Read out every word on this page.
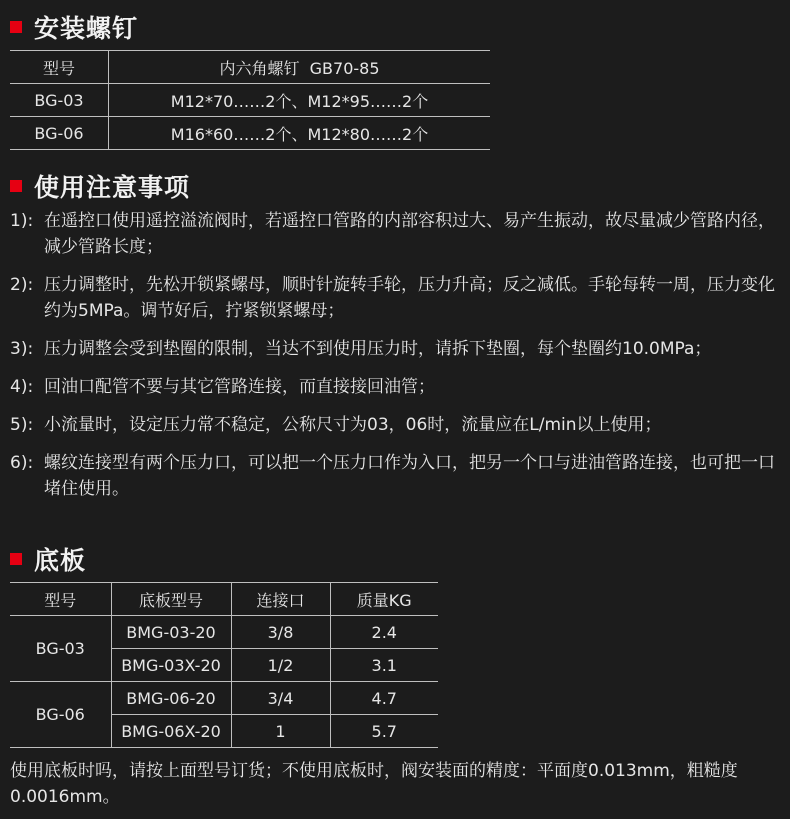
安装螺钉
型号	内六角螺钉  GB70-85
BG-03	M12*70……2个、M12*95……2个
BG-06	M16*60……2个、M12*80……2个
使用注意事项
1): 在遥控口使用遥控溢流阀时，若遥控口管路的内部容积过大、易产生振动，故尽量减少管路内径，减少管路长度；
2): 压力调整时，先松开锁紧螺母，顺时针旋转手轮，压力升高；反之减低。手轮每转一周，压力变化约为5MPa。调节好后，拧紧锁紧螺母；
3): 压力调整会受到垫圈的限制，当达不到使用压力时，请拆下垫圈，每个垫圈约10.0MPa；
4): 回油口配管不要与其它管路连接，而直接接回油管；
5): 小流量时，设定压力常不稳定，公称尺寸为03，06时，流量应在L/min以上使用；
6): 螺纹连接型有两个压力口，可以把一个压力口作为入口，把另一个口与进油管路连接，也可把一口堵住使用。
底板
型号	底板型号	连接口	质量KG
BG-03	BMG-03-20	3/8	2.4
	BMG-03X-20	1/2	3.1
BG-06	BMG-06-20	3/4	4.7
	BMG-06X-20	1	5.7
使用底板时吗，请按上面型号订货；不使用底板时，阀安装面的精度：平面度0.013mm，粗糙度0.0016mm。
